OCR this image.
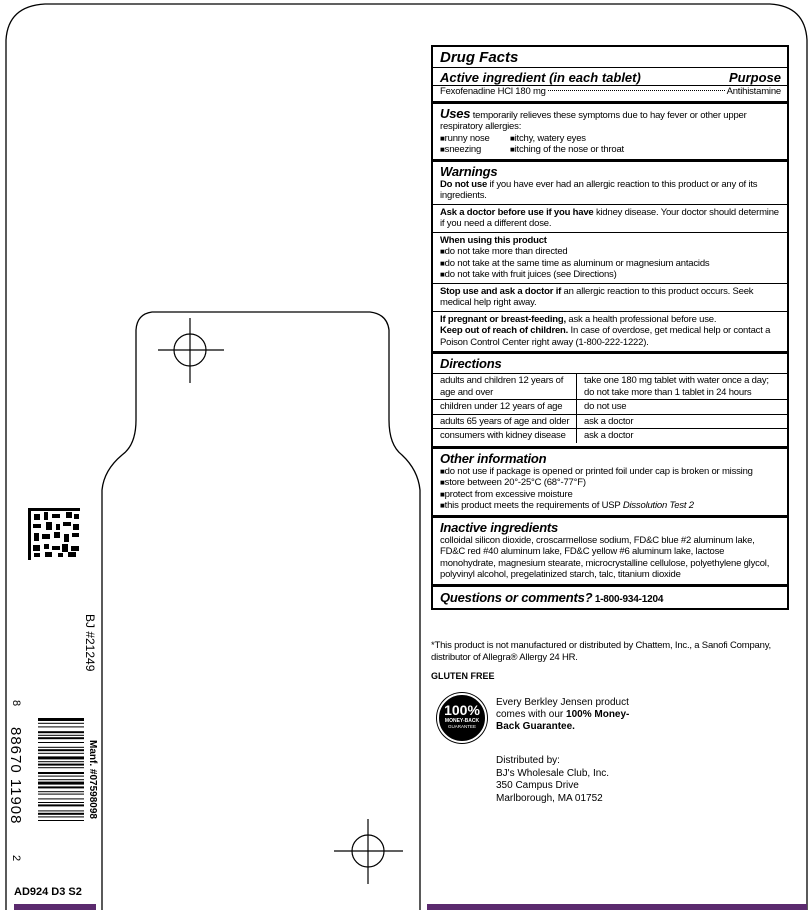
Drug Facts
Active ingredient (in each tablet)	Purpose
Fexofenadine HCl 180 mg	Antihistamine
Uses temporarily relieves these symptoms due to hay fever or other upper respiratory allergies:
■ runny nose	■ itchy, watery eyes
■ sneezing	■ itching of the nose or throat
Warnings
Do not use if you have ever had an allergic reaction to this product or any of its ingredients.
Ask a doctor before use if you have kidney disease. Your doctor should determine if you need a different dose.
When using this product
■ do not take more than directed
■ do not take at the same time as aluminum or magnesium antacids
■ do not take with fruit juices (see Directions)
Stop use and ask a doctor if an allergic reaction to this product occurs. Seek medical help right away.
If pregnant or breast-feeding, ask a health professional before use.
Keep out of reach of children. In case of overdose, get medical help or contact a Poison Control Center right away (1-800-222-1222).
Directions
adults and children 12 years of age and over	take one 180 mg tablet with water once a day; do not take more than 1 tablet in 24 hours
children under 12 years of age	do not use
adults 65 years of age and older	ask a doctor
consumers with kidney disease	ask a doctor
Other information
■ do not use if package is opened or printed foil under cap is broken or missing
■ store between 20°-25°C (68°-77°F)
■ protect from excessive moisture
■ this product meets the requirements of USP Dissolution Test 2
Inactive ingredients
colloidal silicon dioxide, croscarmellose sodium, FD&C blue #2 aluminum lake, FD&C red #40 aluminum lake, FD&C yellow #6 aluminum lake, lactose monohydrate, magnesium stearate, microcrystalline cellulose, polyethylene glycol, polyvinyl alcohol, pregelatinized starch, talc, titanium dioxide
Questions or comments? 1-800-934-1204
*This product is not manufactured or distributed by Chattem, Inc., a Sanofi Company, distributor of Allegra® Allergy 24 HR.
GLUTEN FREE
100%
MONEY-BACK
GUARANTEE
Every Berkley Jensen product comes with our 100% Money-Back Guarantee.
Distributed by:
BJ's Wholesale Club, Inc.
350 Campus Drive
Marlborough, MA 01752
BJ #21249
Manf. #07598098
8
88670 11908
2
AD924 D3 S2
